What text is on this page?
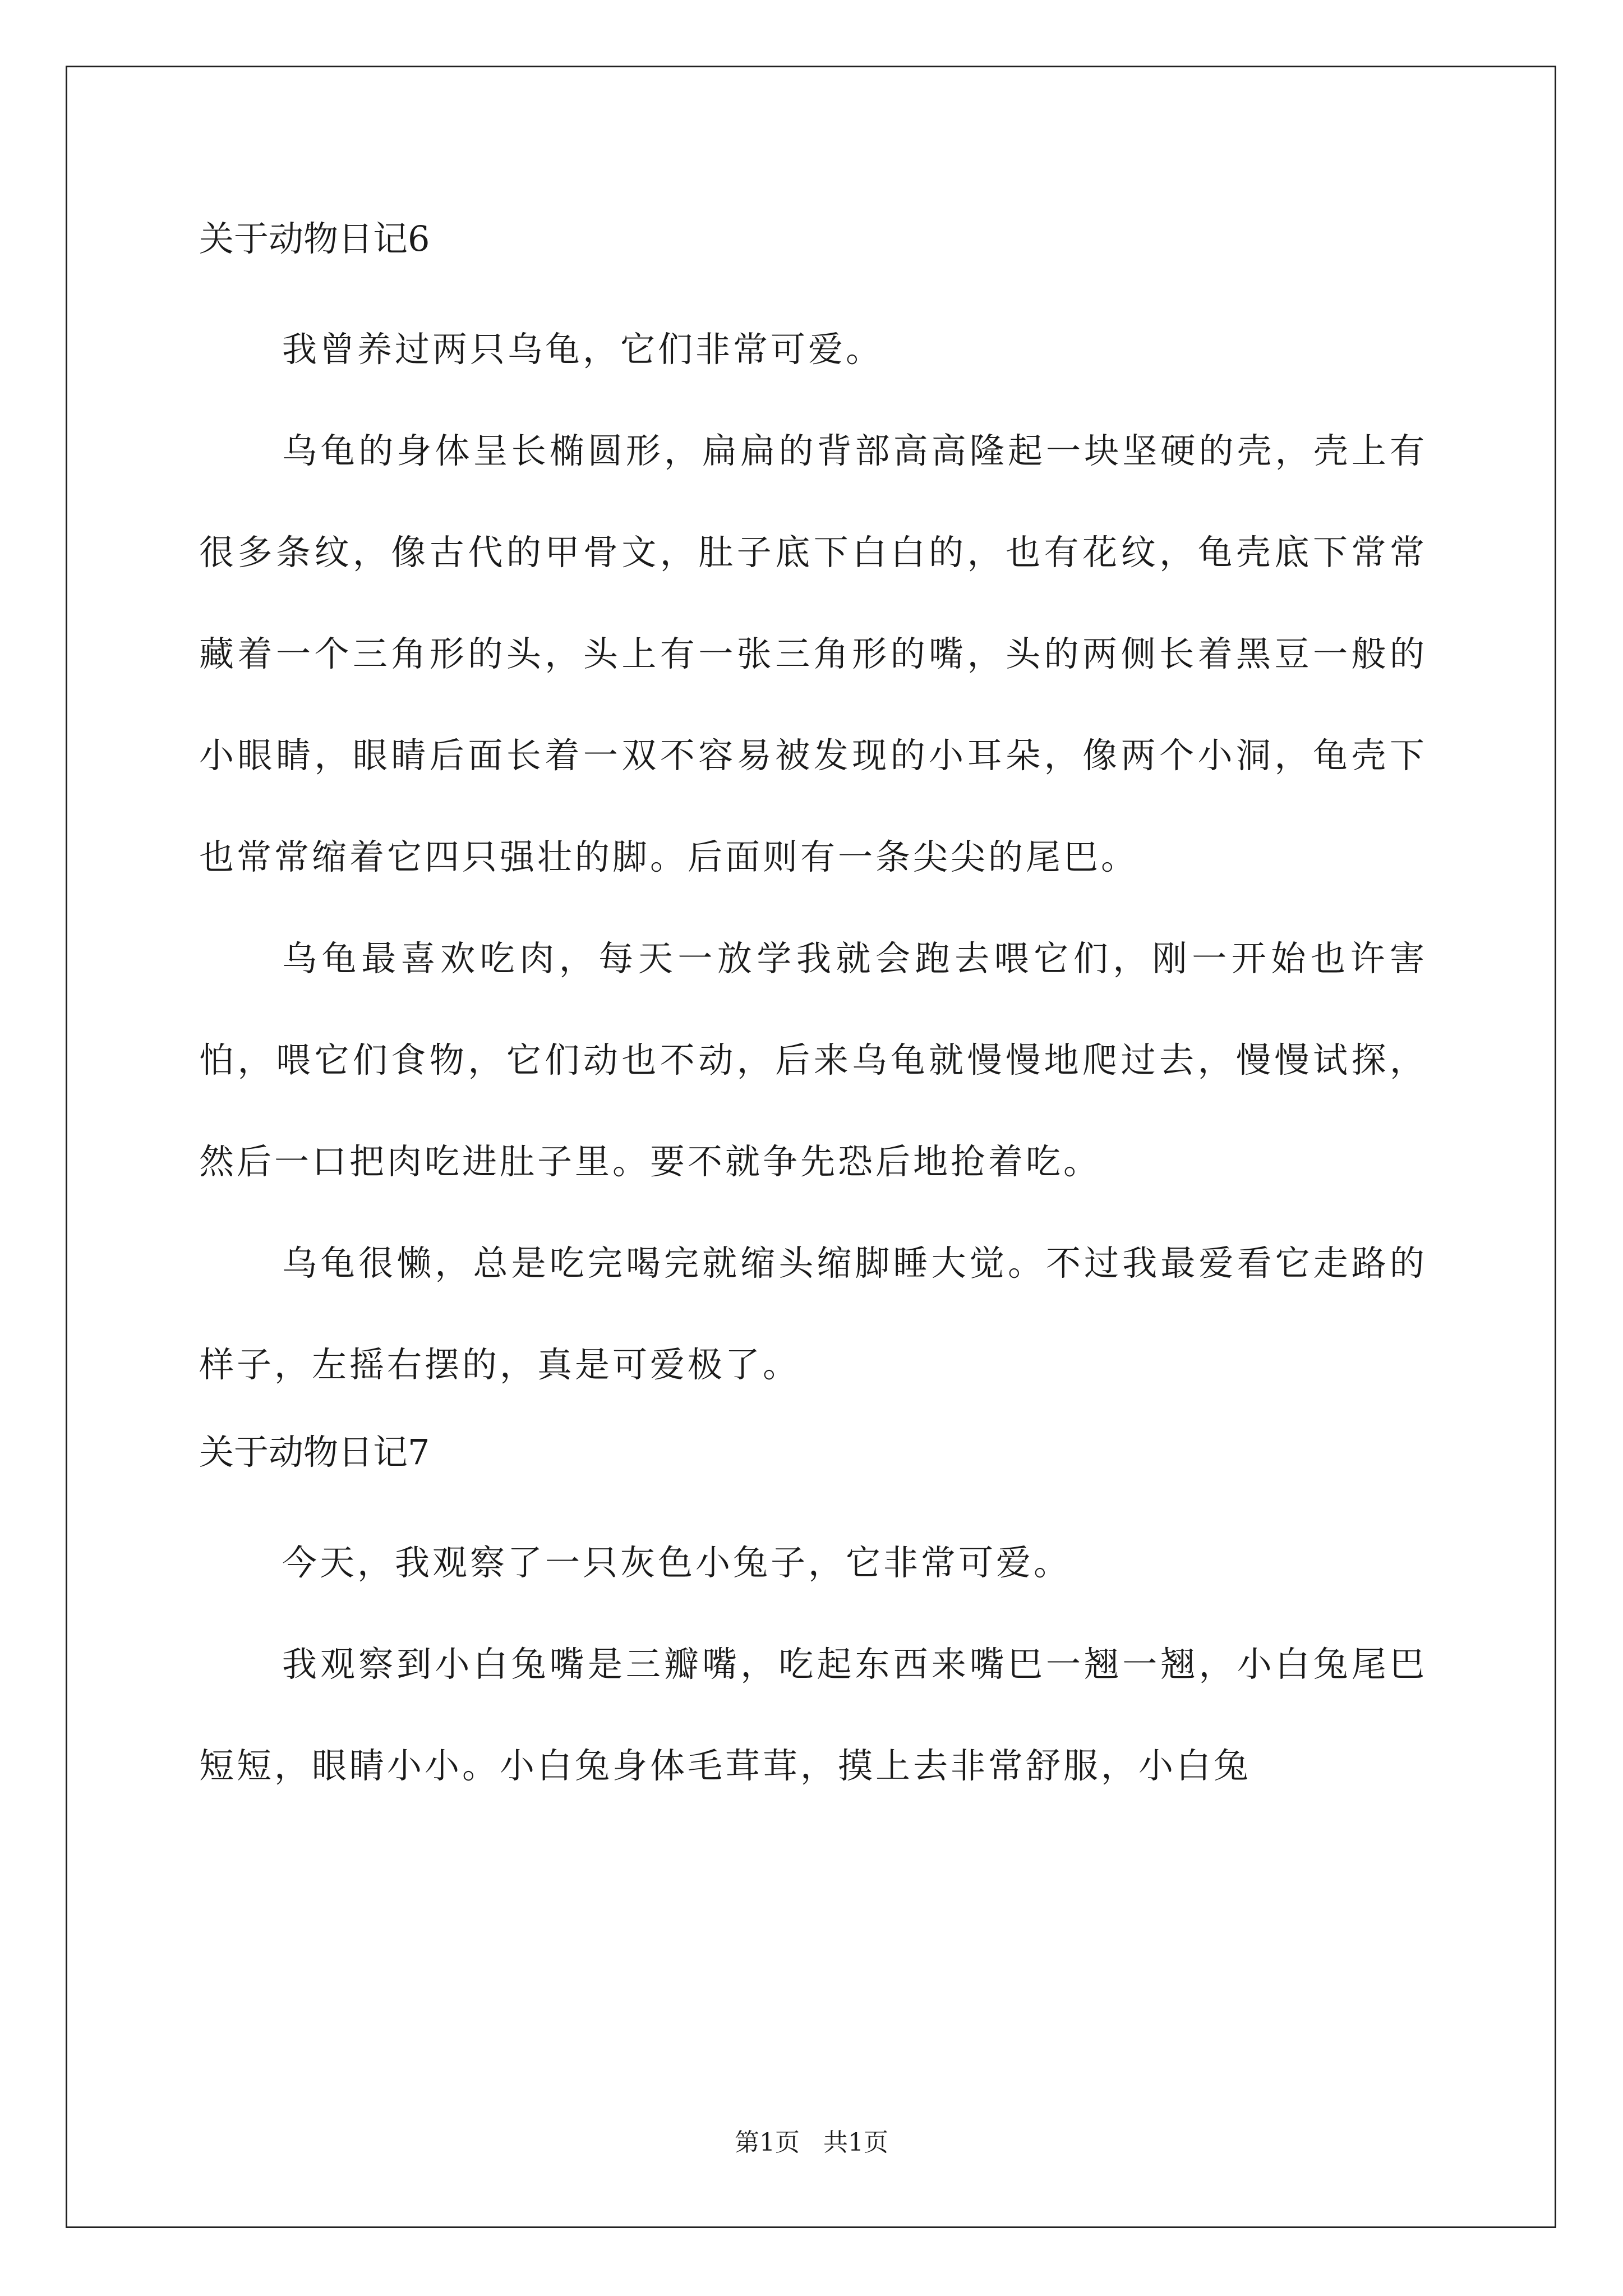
关于动物日记6

我曾养过两只乌龟，它们非常可爱。

乌龟的身体呈长椭圆形，扁扁的背部高高隆起一块坚硬的壳，壳上有很多条纹，像古代的甲骨文，肚子底下白白的，也有花纹，龟壳底下常常藏着一个三角形的头，头上有一张三角形的嘴，头的两侧长着黑豆一般的小眼睛，眼睛后面长着一双不容易被发现的小耳朵，像两个小洞，龟壳下也常常缩着它四只强壮的脚。后面则有一条尖尖的尾巴。

乌龟最喜欢吃肉，每天一放学我就会跑去喂它们，刚一开始也许害怕，喂它们食物，它们动也不动，后来乌龟就慢慢地爬过去，慢慢试探，然后一口把肉吃进肚子里。要不就争先恐后地抢着吃。

乌龟很懒，总是吃完喝完就缩头缩脚睡大觉。不过我最爱看它走路的样子，左摇右摆的，真是可爱极了。

关于动物日记7

今天，我观察了一只灰色小兔子，它非常可爱。

我观察到小白兔嘴是三瓣嘴，吃起东西来嘴巴一翘一翘，小白兔尾巴短短，眼睛小小。小白兔身体毛茸茸，摸上去非常舒服，小白兔

第1页   共1页
